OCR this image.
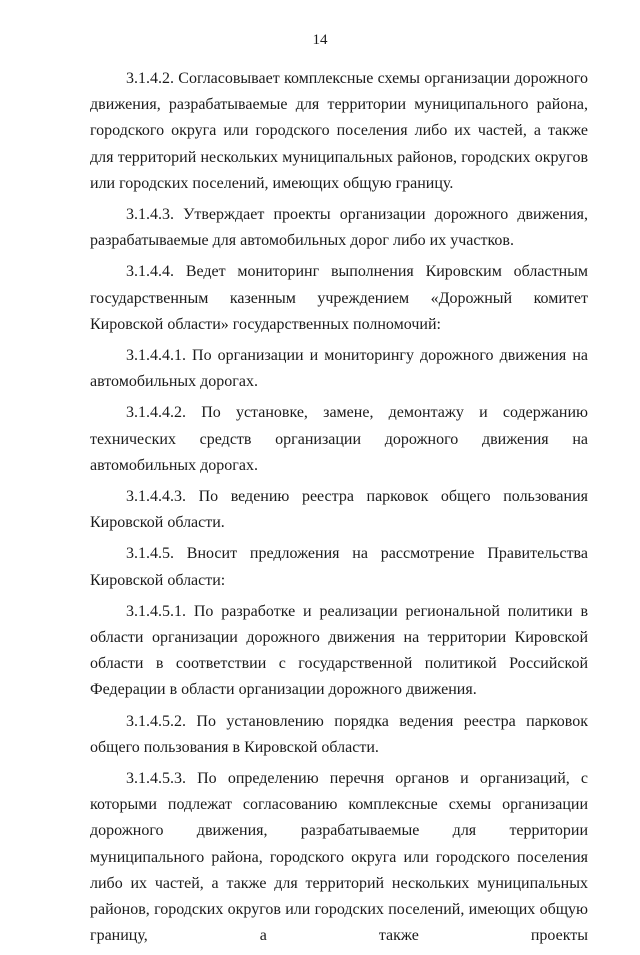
14

3.1.4.2. Согласовывает комплексные схемы организации дорожного движения, разрабатываемые для территории муниципального района, городского округа или городского поселения либо их частей, а также для территорий нескольких муниципальных районов, городских округов или городских поселений, имеющих общую границу.

3.1.4.3. Утверждает проекты организации дорожного движения, разрабатываемые для автомобильных дорог либо их участков.

3.1.4.4. Ведет мониторинг выполнения Кировским областным государственным казенным учреждением «Дорожный комитет Кировской области» государственных полномочий:

3.1.4.4.1. По организации и мониторингу дорожного движения на автомобильных дорогах.

3.1.4.4.2. По установке, замене, демонтажу и содержанию технических средств организации дорожного движения на автомобильных дорогах.

3.1.4.4.3. По ведению реестра парковок общего пользования Кировской области.

3.1.4.5. Вносит предложения на рассмотрение Правительства Кировской области:

3.1.4.5.1. По разработке и реализации региональной политики в области организации дорожного движения на территории Кировской области в соответствии с государственной политикой Российской Федерации в области организации дорожного движения.

3.1.4.5.2. По установлению порядка ведения реестра парковок общего пользования в Кировской области.

3.1.4.5.3. По определению перечня органов и организаций, с которыми подлежат согласованию комплексные схемы организации дорожного движения, разрабатываемые для территории муниципального района, городского округа или городского поселения либо их частей, а также для территорий нескольких муниципальных районов, городских округов или городских поселений, имеющих общую границу, а также проекты
